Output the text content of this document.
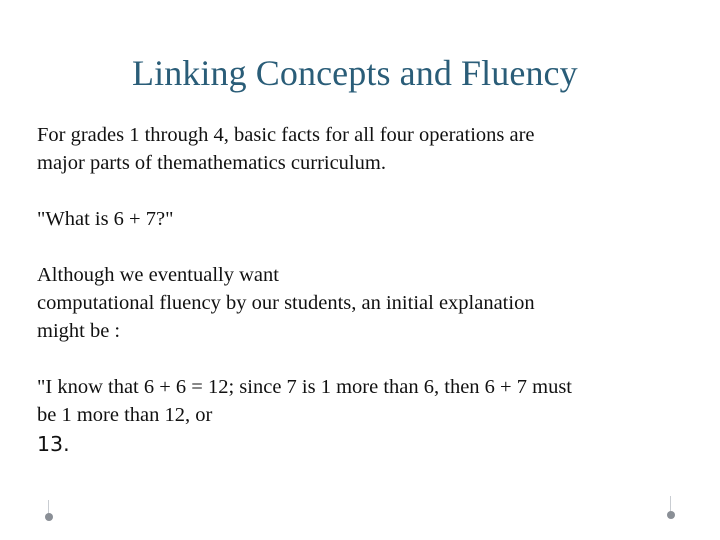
Linking Concepts and Fluency

For grades 1 through 4, basic facts for all four operations are

major parts of themathematics curriculum.

"What is 6 + 7?"

Although we eventually want

computational fluency by our students, an initial explanation

might be :

"I know that 6 + 6 = 12; since 7 is 1 more than 6, then 6 + 7 must

be 1 more than 12, or

13.
